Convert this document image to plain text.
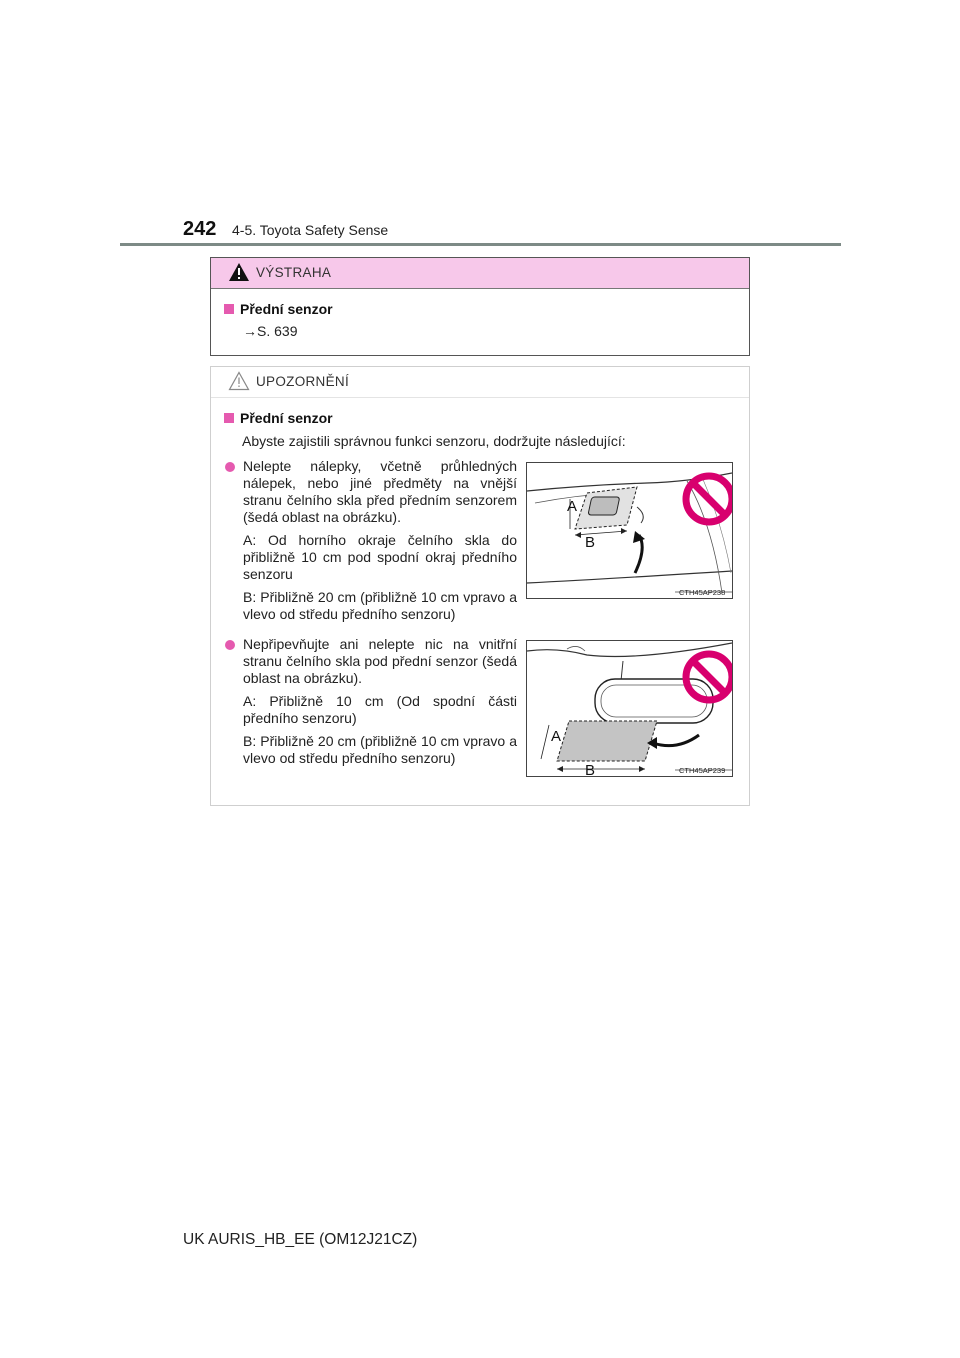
242 4-5. Toyota Safety Sense
VÝSTRAHA
Přední senzor
→S. 639
UPOZORNĚNÍ
Přední senzor
Abyste zajistili správnou funkci senzoru, dodržujte následující:

Nelepte nálepky, včetně průhledných nálepek, nebo jiné předměty na vnější stranu čelního skla před předním senzorem (šedá oblast na obrázku).

A: Od horního okraje čelního skla do přibližně 10 cm pod spodní okraj předního senzoru

B: Přibližně 20 cm (přibližně 10 cm vpravo a vlevo od středu předního senzoru)

A
B
CTH45AP238

Nepřipevňujte ani nelepte nic na vnitřní stranu čelního skla pod přední senzor (šedá oblast na obrázku).

A: Přibližně 10 cm (Od spodní části předního senzoru)

B: Přibližně 20 cm (přibližně 10 cm vpravo a vlevo od středu předního senzoru)

A
B	CTH45AP239
UK AURIS_HB_EE (OM12J21CZ)
